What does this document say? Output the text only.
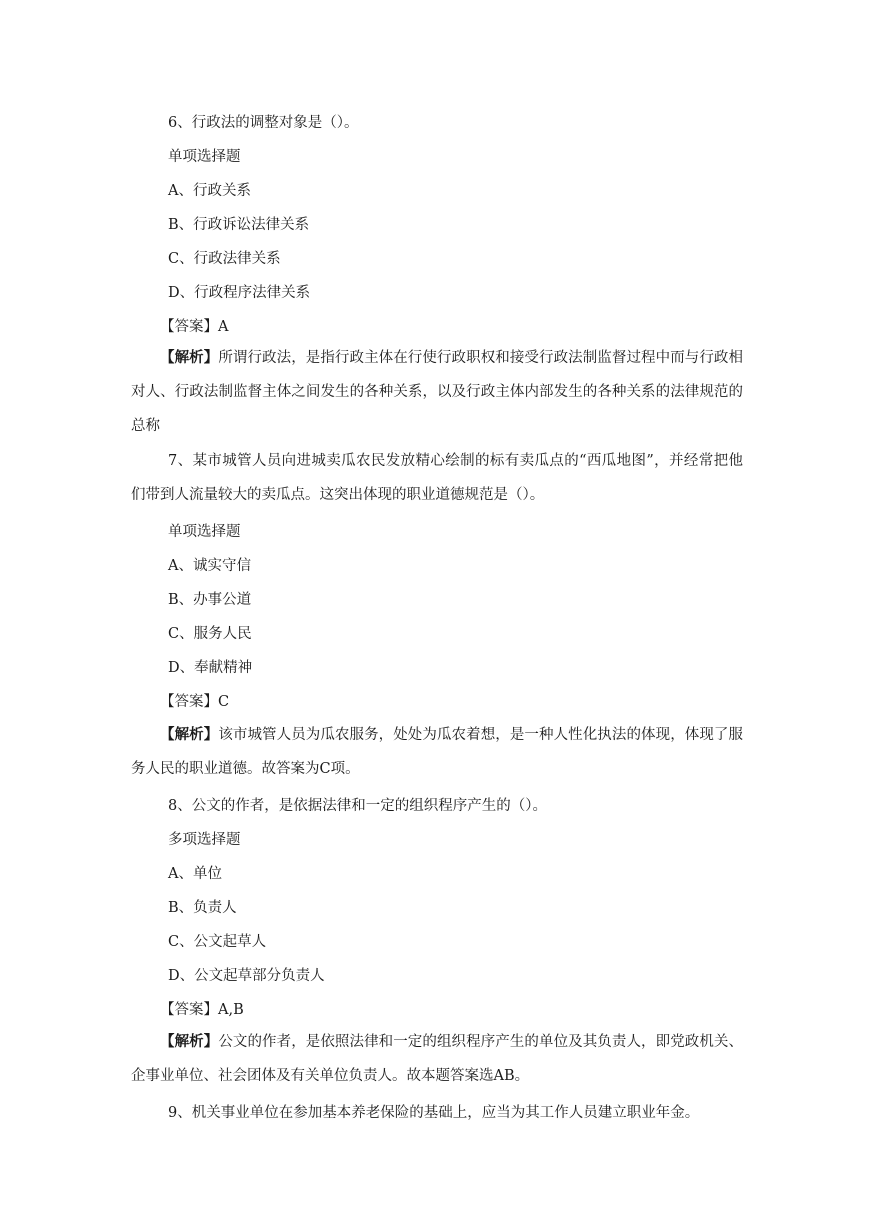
6、行政法的调整对象是（）。
单项选择题
A、行政关系
B、行政诉讼法律关系
C、行政法律关系
D、行政程序法律关系
【答案】A
【解析】所谓行政法，是指行政主体在行使行政职权和接受行政法制监督过程中而与行政相对人、行政法制监督主体之间发生的各种关系，以及行政主体内部发生的各种关系的法律规范的总称
7、某市城管人员向进城卖瓜农民发放精心绘制的标有卖瓜点的“西瓜地图”，并经常把他们带到人流量较大的卖瓜点。这突出体现的职业道德规范是（）。
单项选择题
A、诚实守信
B、办事公道
C、服务人民
D、奉献精神
【答案】C
【解析】该市城管人员为瓜农服务，处处为瓜农着想，是一种人性化执法的体现，体现了服务人民的职业道德。故答案为C项。
8、公文的作者，是依据法律和一定的组织程序产生的（）。
多项选择题
A、单位
B、负责人
C、公文起草人
D、公文起草部分负责人
【答案】A,B
【解析】公文的作者，是依照法律和一定的组织程序产生的单位及其负责人，即党政机关、企事业单位、社会团体及有关单位负责人。故本题答案选AB。
9、机关事业单位在参加基本养老保险的基础上，应当为其工作人员建立职业年金。
